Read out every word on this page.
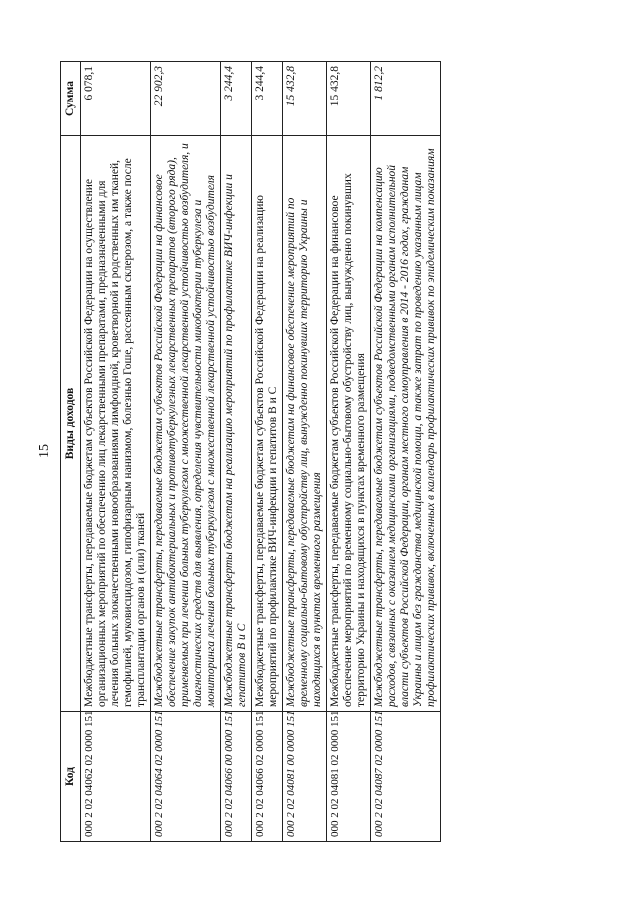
15
Код	Виды доходов	Сумма
000 2 02 04062 02 0000 151	Межбюджетные трансферты, передаваемые бюджетам субъектов Российской Федерации на осуществление организационных мероприятий по обеспечению лиц лекарственными препаратами, предназначенными для лечения больных злокачественными новообразованиями лимфоидной, кроветворной и родственных им тканей, гемофилией, муковисцидозом, гипофизарным нанизмом, болезнью Гоше, рассеянным склерозом, а также после трансплантации органов и (или) тканей	6 078,1
000 2 02 04064 02 0000 151	Межбюджетные трансферты, передаваемые бюджетам субъектов Российской Федерации на финансовое обеспечение закупок антибактериальных и противотуберкулезных лекарственных препаратов (второго ряда), применяемых при лечении больных туберкулезом с множественной лекарственной устойчивостью возбудителя, и диагностических средств для выявления, определения чувствительности микобактерии туберкулеза и мониторинга лечения больных туберкулезом с множественной лекарственной устойчивостью возбудителя	22 902,3
000 2 02 04066 00 0000 151	Межбюджетные трансферты бюджетам на реализацию мероприятий по профилактике ВИЧ-инфекции и гепатитов В и С	3 244,4
000 2 02 04066 02 0000 151	Межбюджетные трансферты, передаваемые бюджетам субъектов Российской Федерации на реализацию мероприятий по профилактике ВИЧ-инфекции и гепатитов В и С	3 244,4
000 2 02 04081 00 0000 151	Межбюджетные трансферты, передаваемые бюджетам на финансовое обеспечение мероприятий по временному социально-бытовому обустройству лиц, вынужденно покинувших территорию Украины и находящихся в пунктах временного размещения	15 432,8
000 2 02 04081 02 0000 151	Межбюджетные трансферты, передаваемые бюджетам субъектов Российской Федерации на финансовое обеспечение мероприятий по временному социально-бытовому обустройству лиц, вынужденно покинувших территорию Украины и находящихся в пунктах временного размещения	15 432,8
000 2 02 04087 02 0000 151	Межбюджетные трансферты, передаваемые бюджетам субъектов Российской Федерации на компенсацию расходов, связанных с оказанием медицинскими организациями, подведомственными органам исполнительной власти субъектов Российской Федерации, органам местного самоуправления в 2014 - 2016 годах, гражданам Украины и лицам без гражданства медицинской помощи, а также затрат по проведению указанным лицам профилактических прививок, включенных в календарь профилактических прививок по эпидемическим показаниям	1 812,2
